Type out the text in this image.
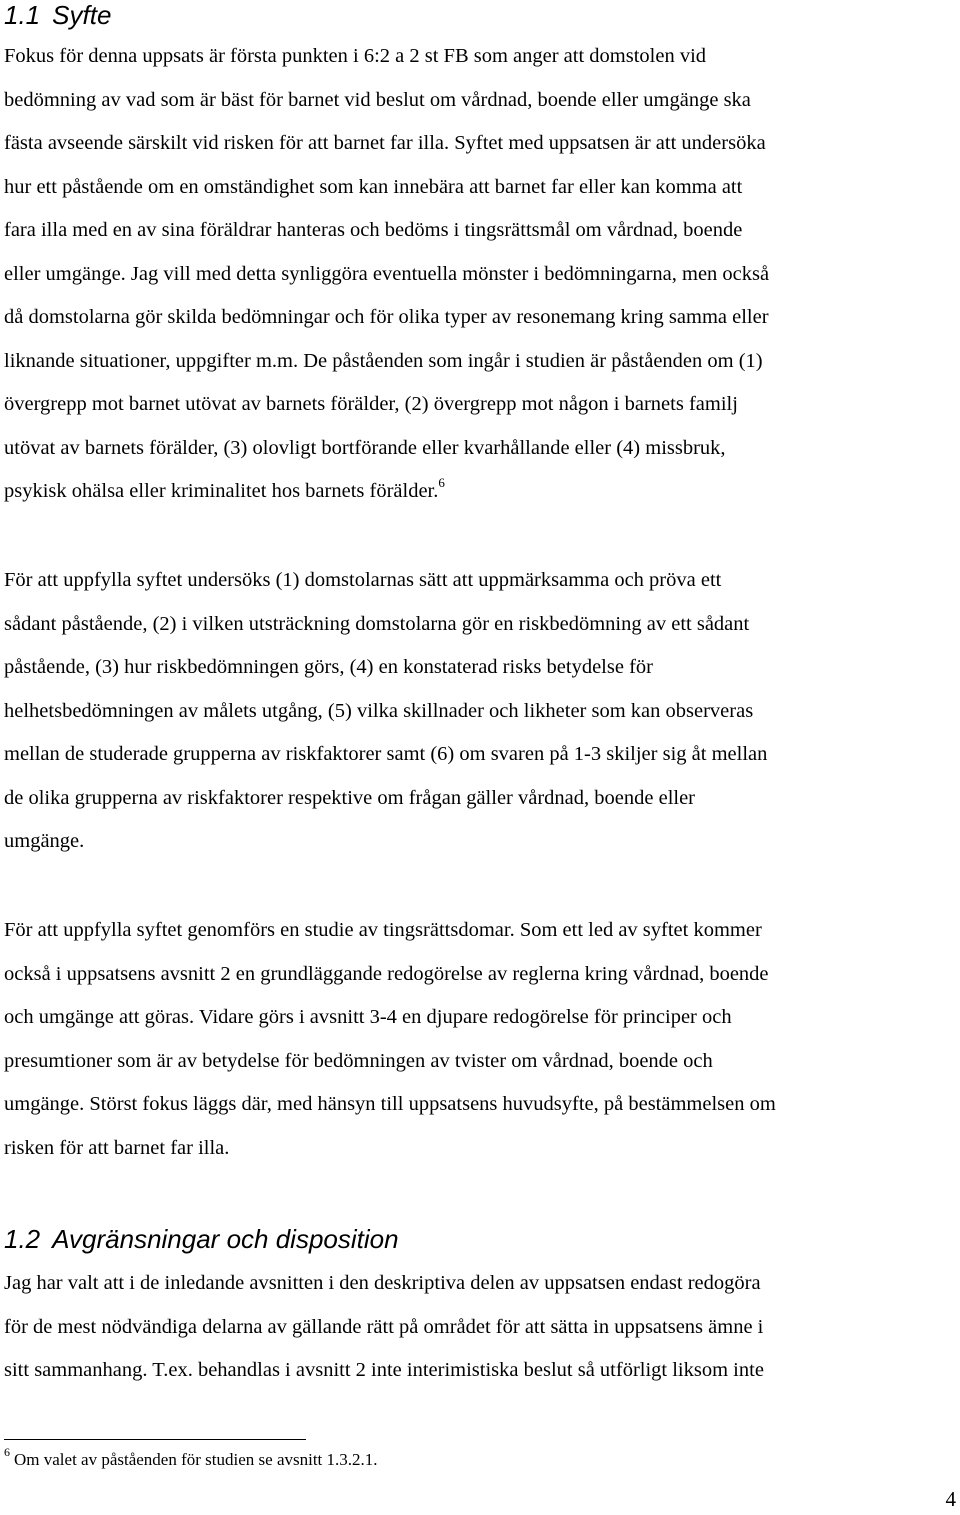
1.1 Syfte
Fokus för denna uppsats är första punkten i 6:2 a 2 st FB som anger att domstolen vid
bedömning av vad som är bäst för barnet vid beslut om vårdnad, boende eller umgänge ska
fästa avseende särskilt vid risken för att barnet far illa. Syftet med uppsatsen är att undersöka
hur ett påstående om en omständighet som kan innebära att barnet far eller kan komma att
fara illa med en av sina föräldrar hanteras och bedöms i tingsrättsmål om vårdnad, boende
eller umgänge. Jag vill med detta synliggöra eventuella mönster i bedömningarna, men också
då domstolarna gör skilda bedömningar och för olika typer av resonemang kring samma eller
liknande situationer, uppgifter m.m. De påståenden som ingår i studien är påståenden om (1)
övergrepp mot barnet utövat av barnets förälder, (2) övergrepp mot någon i barnets familj
utövat av barnets förälder, (3) olovligt bortförande eller kvarhållande eller (4) missbruk,
psykisk ohälsa eller kriminalitet hos barnets förälder.$^6$
För att uppfylla syftet undersöks (1) domstolarnas sätt att uppmärksamma och pröva ett
sådant påstående, (2) i vilken utsträckning domstolarna gör en riskbedömning av ett sådant
påstående, (3) hur riskbedömningen görs, (4) en konstaterad risks betydelse för
helhetsbedömningen av målets utgång, (5) vilka skillnader och likheter som kan observeras
mellan de studerade grupperna av riskfaktorer samt (6) om svaren på 1-3 skiljer sig åt mellan
de olika grupperna av riskfaktorer respektive om frågan gäller vårdnad, boende eller
umgänge.
För att uppfylla syftet genomförs en studie av tingsrättsdomar. Som ett led av syftet kommer
också i uppsatsens avsnitt 2 en grundläggande redogörelse av reglerna kring vårdnad, boende
och umgänge att göras. Vidare görs i avsnitt 3-4 en djupare redogörelse för principer och
presumtioner som är av betydelse för bedömningen av tvister om vårdnad, boende och
umgänge. Störst fokus läggs där, med hänsyn till uppsatsens huvudsyfte, på bestämmelsen om
risken för att barnet far illa.
1.2 Avgränsningar och disposition
Jag har valt att i de inledande avsnitten i den deskriptiva delen av uppsatsen endast redogöra
för de mest nödvändiga delarna av gällande rätt på området för att sätta in uppsatsens ämne i
sitt sammanhang. T.ex. behandlas i avsnitt 2 inte interimistiska beslut så utförligt liksom inte
$^6$ Om valet av påståenden för studien se avsnitt 1.3.2.1.
4
